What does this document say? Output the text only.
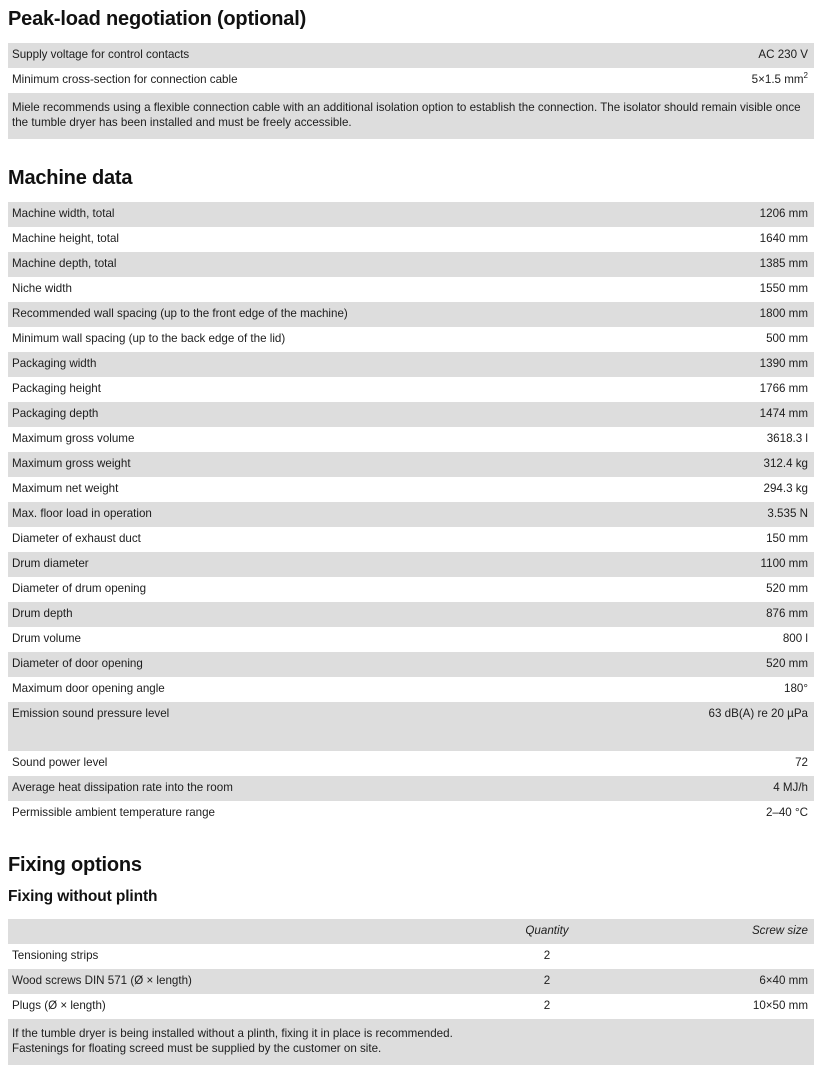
Peak-load negotiation (optional)
Supply voltage for control contacts	AC 230 V
Minimum cross-section for connection cable	5×1.5 $mm^2$

Miele recommends using a flexible connection cable with an additional isolation option to establish the connection. The isolator should remain visible once the tumble dryer has been installed and must be freely accessible.

Machine data
Machine width, total	1206 mm
Machine height, total	1640 mm
Machine depth, total	1385 mm
Niche width	1550 mm
Recommended wall spacing (up to the front edge of the machine)	1800 mm
Minimum wall spacing (up to the back edge of the lid)	500 mm
Packaging width	1390 mm
Packaging height	1766 mm
Packaging depth	1474 mm
Maximum gross volume	3618.3 l
Maximum gross weight	312.4 kg
Maximum net weight	294.3 kg
Max. floor load in operation	3.535 N
Diameter of exhaust duct	150 mm
Drum diameter	1100 mm
Diameter of drum opening	520 mm
Drum depth	876 mm
Drum volume	800 l
Diameter of door opening	520 mm
Maximum door opening angle	180°
Emission sound pressure level	63 dB(A) re 20 µPa
Sound power level	72
Average heat dissipation rate into the room	4 MJ/h
Permissible ambient temperature range	2–40 °C
Fixing options
Fixing without plinth
	Quantity	Screw size
Tensioning strips	2	
Wood screws DIN 571 (Ø × length)	2	6×40 mm
Plugs (Ø × length)	2	10×50 mm

If the tumble dryer is being installed without a plinth, fixing it in place is recommended.

Fastenings for floating screed must be supplied by the customer on site.
